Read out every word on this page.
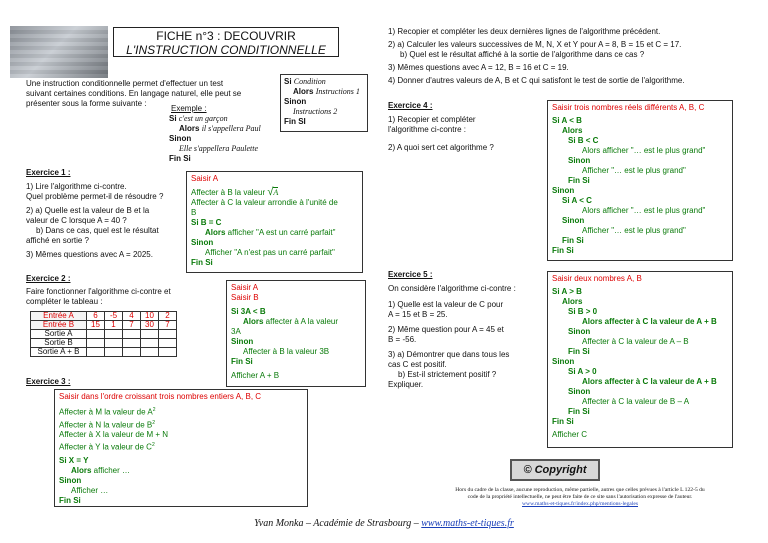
FICHE n°3 : DECOUVRIR
L'INSTRUCTION CONDITIONNELLE
Une instruction conditionnelle permet d'effectuer un test
suivant certaines conditions. En langage naturel, elle peut se
présenter sous la forme suivante :
Exemple :
Si c'est un garçon
Alors il s'appellera Paul
Sinon
Elle s'appellera Paulette
Fin Si
Si Condition
Alors Instructions 1
Sinon
Instructions 2
Fin SI
Exercice 1 :
1) Lire l'algorithme ci-contre.
Quel problème permet-il de résoudre ?
2) a) Quelle est la valeur de B et la
valeur de C lorsque A = 40 ?
b) Dans ce cas, quel est le résultat
affiché en sortie ?
3) Mêmes questions avec A = 2025.
Saisir A
Affecter à B la valeur √A
Affecter à C la valeur arrondie à l'unité de
B
Si B = C
Alors afficher "A est un carré parfait"
Sinon
Afficher "A n'est pas un carré parfait"
Fin Si
Exercice 2 :
Faire fonctionner l'algorithme ci-contre et
compléter le tableau :
Entrée A	6	-5	4	10	2
Entrée B	15	1	7	30	7
Sortie A					
Sortie B					
Sortie A + B					
Saisir A
Saisir B
Si 3A < B
Alors affecter à A la valeur
3A
Sinon
Affecter à B la valeur 3B
Fin Si
Afficher A + B
Exercice 3 :
Saisir dans l'ordre croissant trois nombres entiers A, B, C
Affecter à M la valeur de $A^2$
Affecter à N la valeur de $B^2$
Affecter à X la valeur de M + N
Affecter à Y la valeur de $C^2$
Si X = Y
Alors afficher …
Sinon
Afficher …
Fin Si
1) Recopier et compléter les deux dernières lignes de l'algorithme précédent.
2) a) Calculer les valeurs successives de M, N, X et Y pour A = 8, B = 15 et C = 17.
b) Quel est le résultat affiché à la sortie de l'algorithme dans ce cas ?
3) Mêmes questions avec A = 12, B = 16 et C = 19.
4) Donner d'autres valeurs de A, B et C qui satisfont le test de sortie de l'algorithme.
Exercice 4 :
1) Recopier et compléter
l'algorithme ci-contre :
2) A quoi sert cet algorithme ?
Saisir trois nombres réels différents A, B, C
Si A < B
Alors
Si B < C
Alors afficher "… est le plus grand"
Sinon
Afficher "… est le plus grand"
Fin Si
Sinon
Si A < C
Alors afficher "… est le plus grand"
Sinon
Afficher "… est le plus grand"
Fin Si
Fin Si
Exercice 5 :
On considère l'algorithme ci-contre :
1) Quelle est la valeur de C pour
A = 15 et B = 25.
2) Même question pour A = 45 et
B = -56.
3) a) Démontrer que dans tous les
cas C est positif.
b) Est-il strictement positif ?
Expliquer.
Saisir deux nombres A, B
Si A > B
Alors
Si B > 0
Alors affecter à C la valeur de A + B
Sinon
Affecter à C la valeur de A – B
Fin Si
Sinon
Si A > 0
Alors affecter à C la valeur de A + B
Sinon
Affecter à C la valeur de B – A
Fin Si
Fin Si
Afficher C
© Copyright
Hors du cadre de la classe, aucune reproduction, même partielle, autres que celles prévues à l'article L 122-5 du
code de la propriété intellectuelle, ne peut être faite de ce site sans l'autorisation expresse de l'auteur.
www.maths-et-tiques.fr/index.php/mentions-legales
Yvan Monka – Académie de Strasbourg – www.maths-et-tiques.fr
